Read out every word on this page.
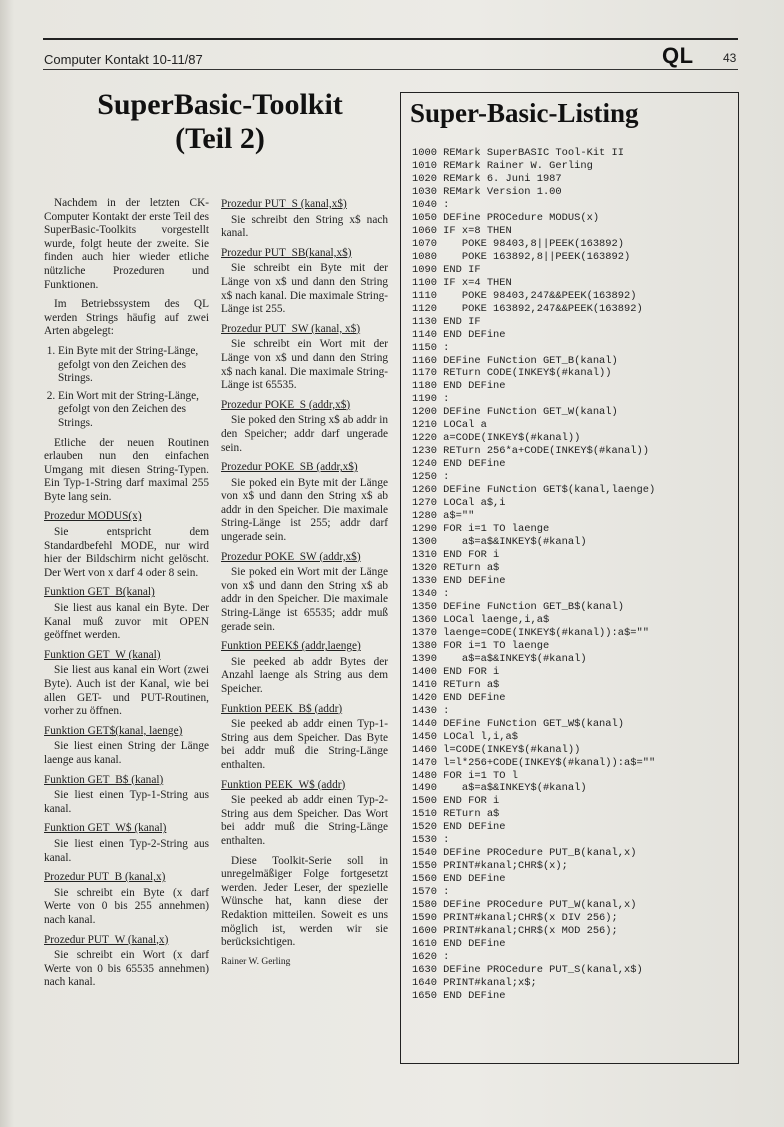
Computer Kontakt 10-11/87	QL 43
SuperBasic-Toolkit
(Teil 2)

Nachdem in der letzten CK-Computer Kontakt der erste Teil des SuperBasic-Toolkits vorgestellt wurde, folgt heute der zweite. Sie finden auch hier wieder etliche nützliche Prozeduren und Funktionen.

Im Betriebssystem des QL werden Strings häufig auf zwei Arten abgelegt:

1. Ein Byte mit der String-Länge, gefolgt von den Zeichen des Strings.
2. Ein Wort mit der String-Länge, gefolgt von den Zeichen des Strings.

Etliche der neuen Routinen erlauben nun den einfachen Umgang mit diesen String-Typen. Ein Typ-1-String darf maximal 255 Byte lang sein.

Prozedur MODUS(x)

Sie entspricht dem Standardbefehl MODE, nur wird hier der Bildschirm nicht gelöscht. Der Wert von x darf 4 oder 8 sein.

Funktion GET_B(kanal)

Sie liest aus kanal ein Byte. Der Kanal muß zuvor mit OPEN geöffnet werden.

Funktion GET_W (kanal)

Sie liest aus kanal ein Wort (zwei Byte). Auch ist der Kanal, wie bei allen GET- und PUT-Routinen, vorher zu öffnen.

Funktion GET$(kanal, laenge)

Sie liest einen String der Länge laenge aus kanal.

Funktion GET_B$ (kanal)

Sie liest einen Typ-1-String aus kanal.

Funktion GET_W$ (kanal)

Sie liest einen Typ-2-String aus kanal.

Prozedur PUT_B (kanal,x)

Sie schreibt ein Byte (x darf Werte von 0 bis 255 annehmen) nach kanal.

Prozedur PUT_W (kanal,x)

Sie schreibt ein Wort (x darf Werte von 0 bis 65535 annehmen) nach kanal.

Prozedur PUT_S (kanal,x$)

Sie schreibt den String x$ nach kanal.

Prozedur PUT_SB(kanal,x$)

Sie schreibt ein Byte mit der Länge von x$ und dann den String x$ nach kanal. Die maximale String-Länge ist 255.

Prozedur PUT_SW (kanal, x$)

Sie schreibt ein Wort mit der Länge von x$ und dann den String x$ nach kanal. Die maximale String-Länge ist 65535.

Prozedur POKE_S (addr,x$)

Sie poked den String x$ ab addr in den Speicher; addr darf ungerade sein.

Prozedur POKE_SB (addr,x$)

Sie poked ein Byte mit der Länge von x$ und dann den String x$ ab addr in den Speicher. Die maximale String-Länge ist 255; addr darf ungerade sein.

Prozedur POKE_SW (addr,x$)

Sie poked ein Wort mit der Länge von x$ und dann den String x$ ab addr in den Speicher. Die maximale String-Länge ist 65535; addr muß gerade sein.

Funktion PEEK$ (addr,laenge)

Sie peeked ab addr Bytes der Anzahl laenge als String aus dem Speicher.

Funktion PEEK_B$ (addr)

Sie peeked ab addr einen Typ-1-String aus dem Speicher. Das Byte bei addr muß die String-Länge enthalten.

Funktion PEEK_W$ (addr)

Sie peeked ab addr einen Typ-2-String aus dem Speicher. Das Wort bei addr muß die String-Länge enthalten.

Diese Toolkit-Serie soll in unregelmäßiger Folge fortgesetzt werden. Jeder Leser, der spezielle Wünsche hat, kann diese der Redaktion mitteilen. Soweit es uns möglich ist, werden wir sie berücksichtigen.

Rainer W. Gerling

Super-Basic-Listing
1000 REMark SuperBASIC Tool-Kit II
1010 REMark Rainer W. Gerling
1020 REMark 6. Juni 1987
1030 REMark Version 1.00
1040 :
1050 DEFine PROCedure MODUS(x)
1060 IF x=8 THEN
1070    POKE 98403,8||PEEK(163892)
1080    POKE 163892,8||PEEK(163892)
1090 END IF
1100 IF x=4 THEN
1110    POKE 98403,247&&PEEK(163892)
1120    POKE 163892,247&&PEEK(163892)
1130 END IF
1140 END DEFine
1150 :
1160 DEFine FuNction GET_B(kanal)
1170 RETurn CODE(INKEY$(#kanal))
1180 END DEFine
1190 :
1200 DEFine FuNction GET_W(kanal)
1210 LOCal a
1220 a=CODE(INKEY$(#kanal))
1230 RETurn 256*a+CODE(INKEY$(#kanal))
1240 END DEFine
1250 :
1260 DEFine FuNction GET$(kanal,laenge)
1270 LOCal a$,i
1280 a$=""
1290 FOR i=1 TO laenge
1300    a$=a$&INKEY$(#kanal)
1310 END FOR i
1320 RETurn a$
1330 END DEFine
1340 :
1350 DEFine FuNction GET_B$(kanal)
1360 LOCal laenge,i,a$
1370 laenge=CODE(INKEY$(#kanal)):a$=""
1380 FOR i=1 TO laenge
1390    a$=a$&INKEY$(#kanal)
1400 END FOR i
1410 RETurn a$
1420 END DEFine
1430 :
1440 DEFine FuNction GET_W$(kanal)
1450 LOCal l,i,a$
1460 l=CODE(INKEY$(#kanal))
1470 l=l*256+CODE(INKEY$(#kanal)):a$=""
1480 FOR i=1 TO l
1490    a$=a$&INKEY$(#kanal)
1500 END FOR i
1510 RETurn a$
1520 END DEFine
1530 :
1540 DEFine PROCedure PUT_B(kanal,x)
1550 PRINT#kanal;CHR$(x);
1560 END DEFine
1570 :
1580 DEFine PROCedure PUT_W(kanal,x)
1590 PRINT#kanal;CHR$(x DIV 256);
1600 PRINT#kanal;CHR$(x MOD 256);
1610 END DEFine
1620 :
1630 DEFine PROCedure PUT_S(kanal,x$)
1640 PRINT#kanal;x$;
1650 END DEFine
